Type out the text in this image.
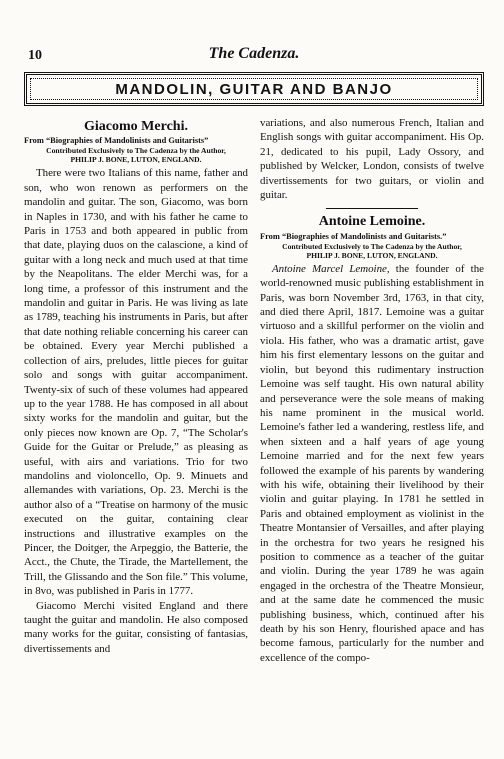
10	The Cadenza.
MANDOLIN, GUITAR AND BANJO
Giacomo Merchi.
From “Biographies of Mandolinists and Guitarists”
Contributed Exclusively to The Cadenza by the Author,
PHILIP J. BONE, LUTON, ENGLAND.

There were two Italians of this name, father and son, who won renown as performers on the mandolin and guitar. The son, Giacomo, was born in Naples in 1730, and with his father he came to Paris in 1753 and both appeared in public from that date, playing duos on the calascione, a kind of guitar with a long neck and much used at that time by the Neapolitans. The elder Merchi was, for a long time, a professor of this instrument and the mandolin and guitar in Paris. He was living as late as 1789, teaching his instruments in Paris, but after that date nothing reliable concerning his career can be obtained. Every year Merchi published a collection of airs, preludes, little pieces for guitar solo and songs with guitar accompaniment. Twenty-six of such of these volumes had appeared up to the year 1788. He has composed in all about sixty works for the mandolin and guitar, but the only pieces now known are Op. 7, “The Scholar's Guide for the Guitar or Prelude,” as pleasing as useful, with airs and variations. Trio for two mandolins and violoncello, Op. 9. Minuets and allemandes with variations, Op. 23. Merchi is the author also of a “Treatise on harmony of the music executed on the guitar, containing clear instructions and illustrative examples on the Pincer, the Doitger, the Arpeggio, the Batterie, the Acct., the Chute, the Tirade, the Martellement, the Trill, the Glissando and the Son file.” This volume, in 8vo, was published in Paris in 1777.

Giacomo Merchi visited England and there taught the guitar and mandolin. He also composed many works for the guitar, consisting of fantasias, divertissements and

variations, and also numerous French, Italian and English songs with guitar accompaniment. His Op. 21, dedicated to his pupil, Lady Ossory, and published by Welcker, London, consists of twelve divertissements for two guitars, or violin and guitar.

Antoine Lemoine.
From “Biographies of Mandolinists and Guitarists.”
Contributed Exclusively to The Cadenza by the Author,
PHILIP J. BONE, LUTON, ENGLAND.

Antoine Marcel Lemoine, the founder of the world-renowned music publishing establishment in Paris, was born November 3rd, 1763, in that city, and died there April, 1817. Lemoine was a guitar virtuoso and a skillful performer on the violin and viola. His father, who was a dramatic artist, gave him his first elementary lessons on the guitar and violin, but beyond this rudimentary instruction Lemoine was self taught. His own natural ability and perseverance were the sole means of making his name prominent in the musical world. Lemoine's father led a wandering, restless life, and when sixteen and a half years of age young Lemoine married and for the next few years followed the example of his parents by wandering with his wife, obtaining their livelihood by their violin and guitar playing. In 1781 he settled in Paris and obtained employment as violinist in the Theatre Montansier of Versailles, and after playing in the orchestra for two years he resigned his position to commence as a teacher of the guitar and violin. During the year 1789 he was again engaged in the orchestra of the Theatre Monsieur, and at the same date he commenced the music publishing business, which, continued after his death by his son Henry, flourished apace and has become famous, particularly for the number and excellence of the compo-
